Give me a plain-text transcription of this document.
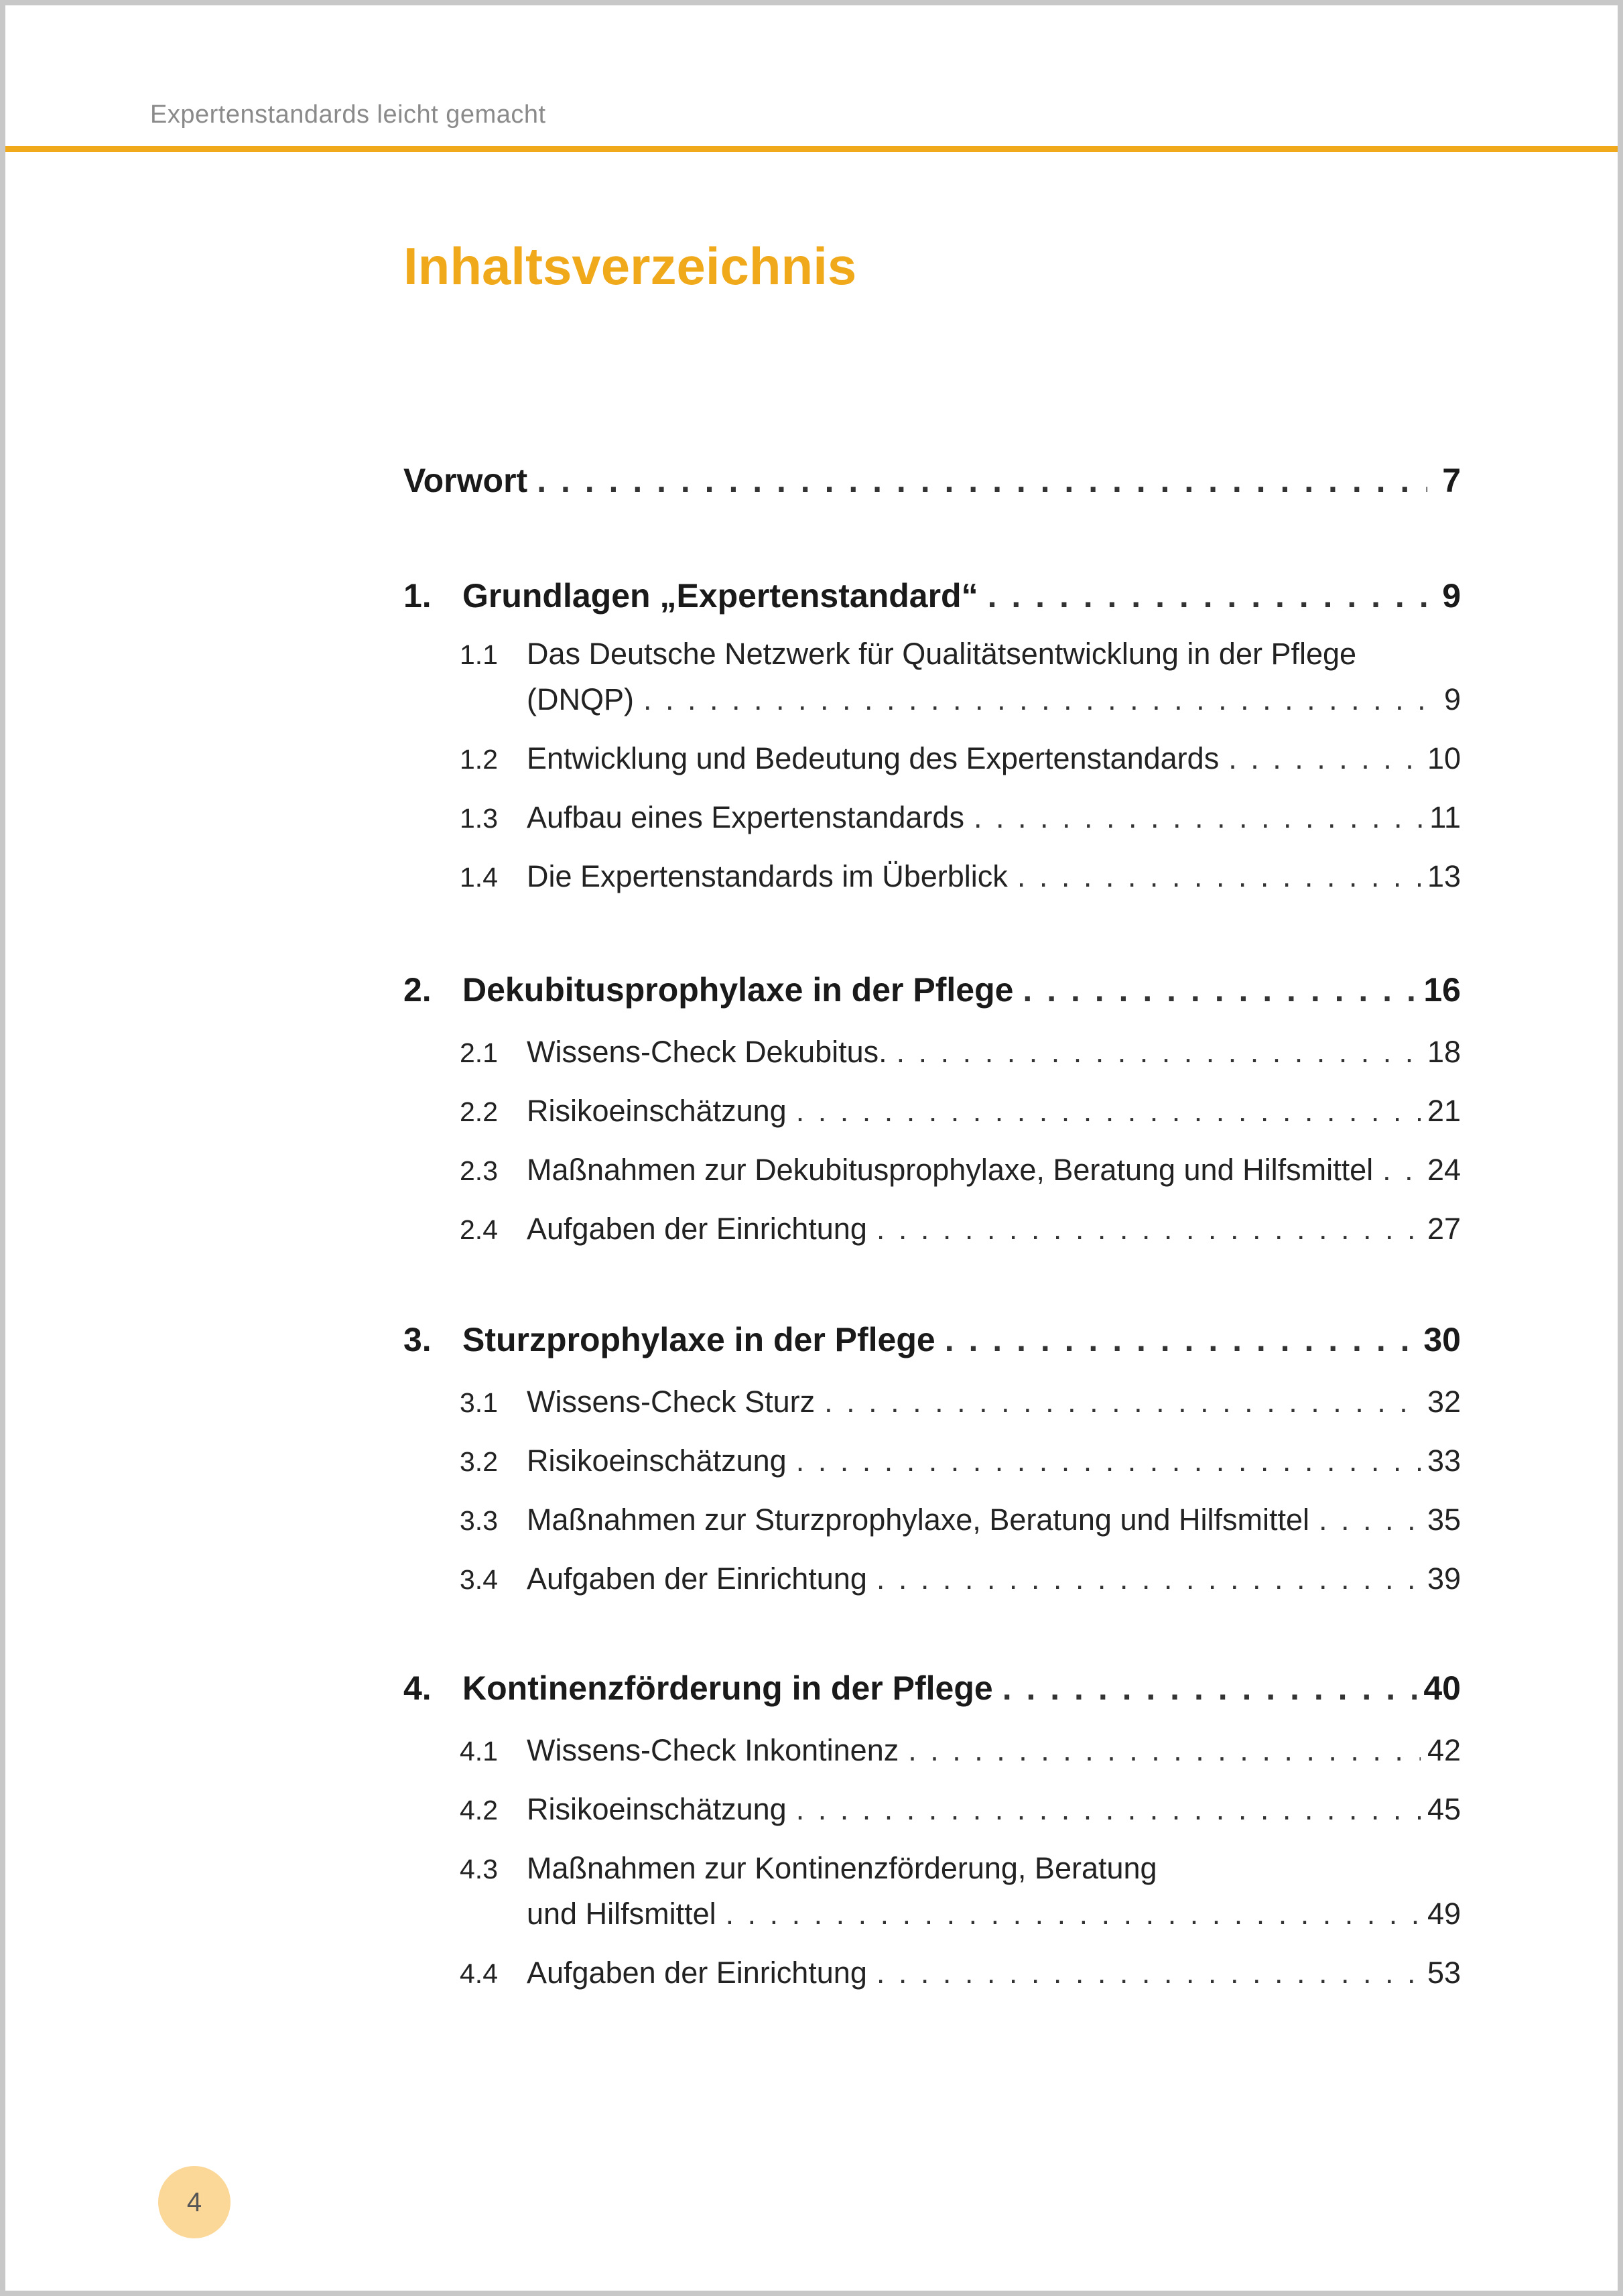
Expertenstandards leicht gemacht
Inhaltsverzeichnis
Vorwort . . .	7
1. Grundlagen „Expertenstandard“ . . .	9
1.1 Das Deutsche Netzwerk für Qualitätsentwicklung in der Pflege
(DNQP) . . .	9
1.2 Entwicklung und Bedeutung des Expertenstandards . . .	10
1.3 Aufbau eines Expertenstandards . . .	11
1.4 Die Expertenstandards im Überblick . . .	13
2. Dekubitusprophylaxe in der Pflege . . .	16
2.1 Wissens-Check Dekubitus. . . .	18
2.2 Risikoeinschätzung . . .	21
2.3 Maßnahmen zur Dekubitusprophylaxe, Beratung und Hilfsmittel . . . 24
2.4 Aufgaben der Einrichtung . . .	27
3. Sturzprophylaxe in der Pflege . . .	30
3.1 Wissens-Check Sturz . . .	32
3.2 Risikoeinschätzung . . .	33
3.3 Maßnahmen zur Sturzprophylaxe, Beratung und Hilfsmittel . . .	35
3.4 Aufgaben der Einrichtung . . .	39
4. Kontinenzförderung in der Pflege . . .	40
4.1 Wissens-Check Inkontinenz . . .	42
4.2 Risikoeinschätzung . . .	45
4.3 Maßnahmen zur Kontinenzförderung, Beratung
und Hilfsmittel . . .	49
4.4 Aufgaben der Einrichtung . . .	53
4
